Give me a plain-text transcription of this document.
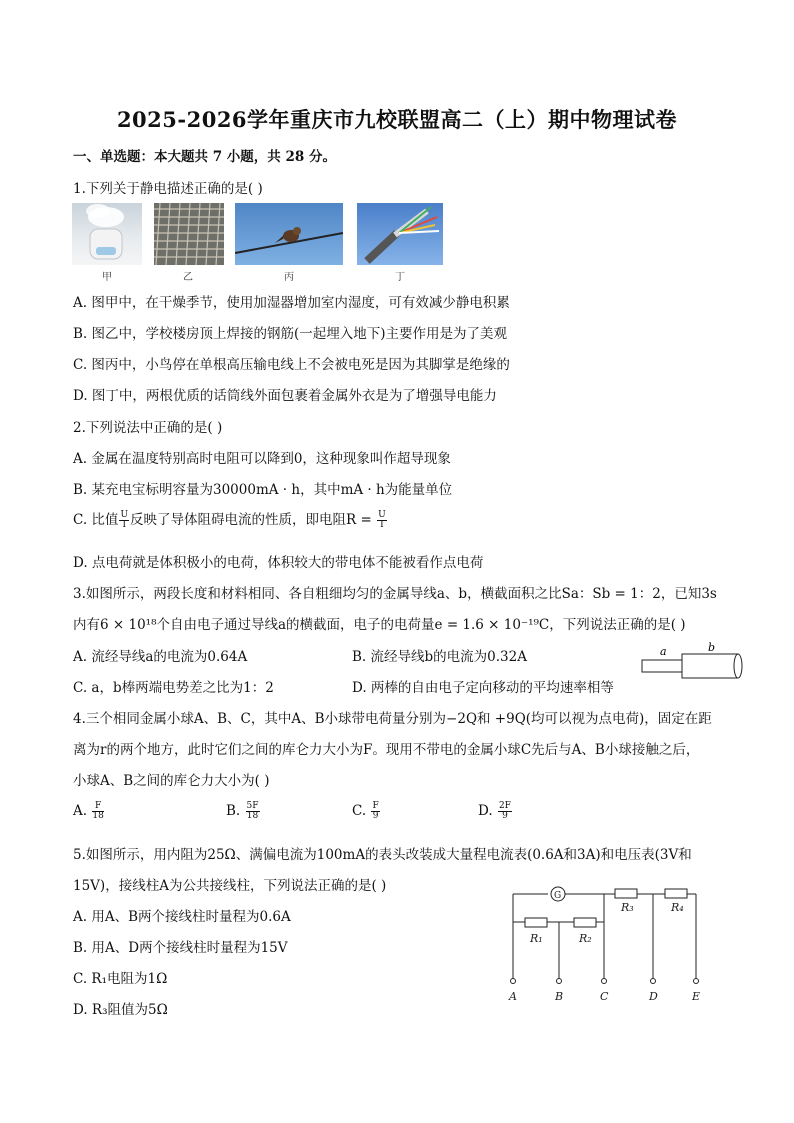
2025-2026学年重庆市九校联盟高二（上）期中物理试卷
一、单选题：本大题共 7 小题，共 28 分。
1.下列关于静电描述正确的是( )
甲	乙	丙	丁
A. 图甲中，在干燥季节，使用加湿器增加室内湿度，可有效减少静电积累
B. 图乙中，学校楼房顶上焊接的钢筋(一起埋入地下)主要作用是为了美观
C. 图丙中，小鸟停在单根高压输电线上不会被电死是因为其脚掌是绝缘的
D. 图丁中，两根优质的话筒线外面包裹着金属外衣是为了增强导电能力
2.下列说法中正确的是( )
A. 金属在温度特别高时电阻可以降到0，这种现象叫作超导现象
B. 某充电宝标明容量为30000mA · h，其中mA · h为能量单位
C. 比值 $\frac{U}{I}$ 反映了导体阻碍电流的性质，即电阻$R = \frac{U}{I}$
D. 点电荷就是体积极小的电荷，体积较大的带电体不能被看作点电荷
3.如图所示，两段长度和材料相同、各自粗细均匀的金属导线a、b，横截面积之比Sa：Sb = 1：2，已知3s
内有6 × 10¹⁸个自由电子通过导线a的横截面，电子的电荷量e = 1.6 × 10⁻¹⁹C，下列说法正确的是( )
A. 流经导线a的电流为0.64A	B. 流经导线b的电流为0.32A
C. a，b棒两端电势差之比为1：2	D. 两棒的自由电子定向移动的平均速率相等
a	b
4.三个相同金属小球A、B、C，其中A、B小球带电荷量分别为−2Q和 +9Q(均可以视为点电荷)，固定在距
离为r的两个地方，此时它们之间的库仑力大小为F。现用不带电的金属小球C先后与A、B小球接触之后，
小球A、B之间的库仑力大小为( )
A. $\frac{F}{18}$	B. $\frac{5F}{18}$	C. $\frac{F}{9}$	D. $\frac{2F}{9}$
5.如图所示，用内阻为25Ω、满偏电流为100mA的表头改装成大量程电流表(0.6A和3A)和电压表(3V和
15V)，接线柱A为公共接线柱，下列说法正确的是( )
A. 用A、B两个接线柱时量程为0.6A
B. 用A、D两个接线柱时量程为15V
C. R₁电阻为1Ω
D. R₃阻值为5Ω
G
R₃	R₄
R₁	R₂
A	B	C	D	E
